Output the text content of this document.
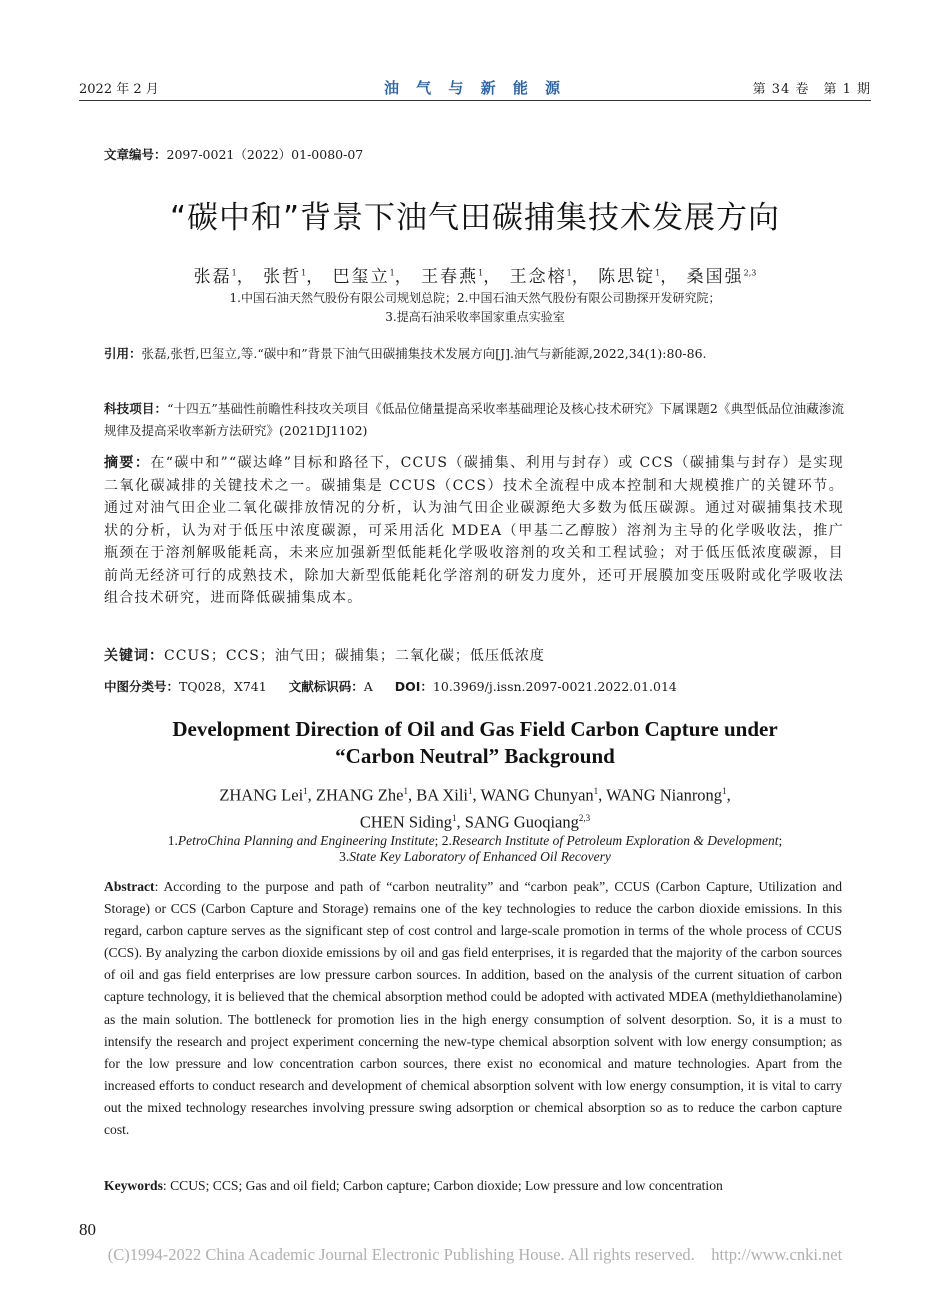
2022 年 2 月	油 气 与 新 能 源	第 34 卷　第 1 期
文章编号：2097-0021（2022）01-0080-07
“碳中和”背景下油气田碳捕集技术发展方向
张磊$^1$， 张哲$^1$， 巴玺立$^1$， 王春燕$^1$， 王念榕$^1$， 陈思锭$^1$， 桑国强$^{2,3}$
1.中国石油天然气股份有限公司规划总院；2.中国石油天然气股份有限公司勘探开发研究院；
3.提高石油采收率国家重点实验室
引用：张磊,张哲,巴玺立,等.“碳中和”背景下油气田碳捕集技术发展方向[J].油气与新能源,2022,34(1):80-86.
科技项目：“十四五”基础性前瞻性科技攻关项目《低品位储量提高采收率基础理论及核心技术研究》下属课题2《典型低品位油藏渗流规律及提高采收率新方法研究》(2021DJ1102)
摘要：在“碳中和”“碳达峰”目标和路径下，CCUS（碳捕集、利用与封存）或 CCS（碳捕集与封存）是实现二氧化碳减排的关键技术之一。碳捕集是 CCUS（CCS）技术全流程中成本控制和大规模推广的关键环节。通过对油气田企业二氧化碳排放情况的分析，认为油气田企业碳源绝大多数为低压碳源。通过对碳捕集技术现状的分析，认为对于低压中浓度碳源，可采用活化 MDEA（甲基二乙醇胺）溶剂为主导的化学吸收法，推广瓶颈在于溶剂解吸能耗高，未来应加强新型低能耗化学吸收溶剂的攻关和工程试验；对于低压低浓度碳源，目前尚无经济可行的成熟技术，除加大新型低能耗化学溶剂的研发力度外，还可开展膜加变压吸附或化学吸收法组合技术研究，进而降低碳捕集成本。
关键词：CCUS；CCS；油气田；碳捕集；二氧化碳；低压低浓度
中图分类号：TQ028，X741 文献标识码：A DOI：10.3969/j.issn.2097-0021.2022.01.014
Development Direction of Oil and Gas Field Carbon Capture under
“Carbon Neutral” Background
ZHANG Lei$^1$, ZHANG Zhe$^1$, BA Xili$^1$, WANG Chunyan$^1$, WANG Nianrong$^1$,
CHEN Siding$^1$, SANG Guoqiang$^{2,3}$
1.PetroChina Planning and Engineering Institute; 2.Research Institute of Petroleum Exploration & Development;
3.State Key Laboratory of Enhanced Oil Recovery
Abstract: According to the purpose and path of “carbon neutrality” and “carbon peak”, CCUS (Carbon Capture, Utilization and Storage) or CCS (Carbon Capture and Storage) remains one of the key technologies to reduce the carbon dioxide emissions. In this regard, carbon capture serves as the significant step of cost control and large-scale promotion in terms of the whole process of CCUS (CCS). By analyzing the carbon dioxide emissions by oil and gas field enterprises, it is regarded that the majority of the carbon sources of oil and gas field enterprises are low pressure carbon sources. In addition, based on the analysis of the current situation of carbon capture technology, it is believed that the chemical absorption method could be adopted with activated MDEA (methyldiethanolamine) as the main solution. The bottleneck for promotion lies in the high energy consumption of solvent desorption. So, it is a must to intensify the research and project experiment concerning the new-type chemical absorption solvent with low energy consumption; as for the low pressure and low concentration carbon sources, there exist no economical and mature technologies. Apart from the increased efforts to conduct research and development of chemical absorption solvent with low energy consumption, it is vital to carry out the mixed technology researches involving pressure swing adsorption or chemical absorption so as to reduce the carbon capture cost.
Keywords: CCUS; CCS; Gas and oil field; Carbon capture; Carbon dioxide; Low pressure and low concentration
80
(C)1994-2022 China Academic Journal Electronic Publishing House. All rights reserved.　http://www.cnki.net
